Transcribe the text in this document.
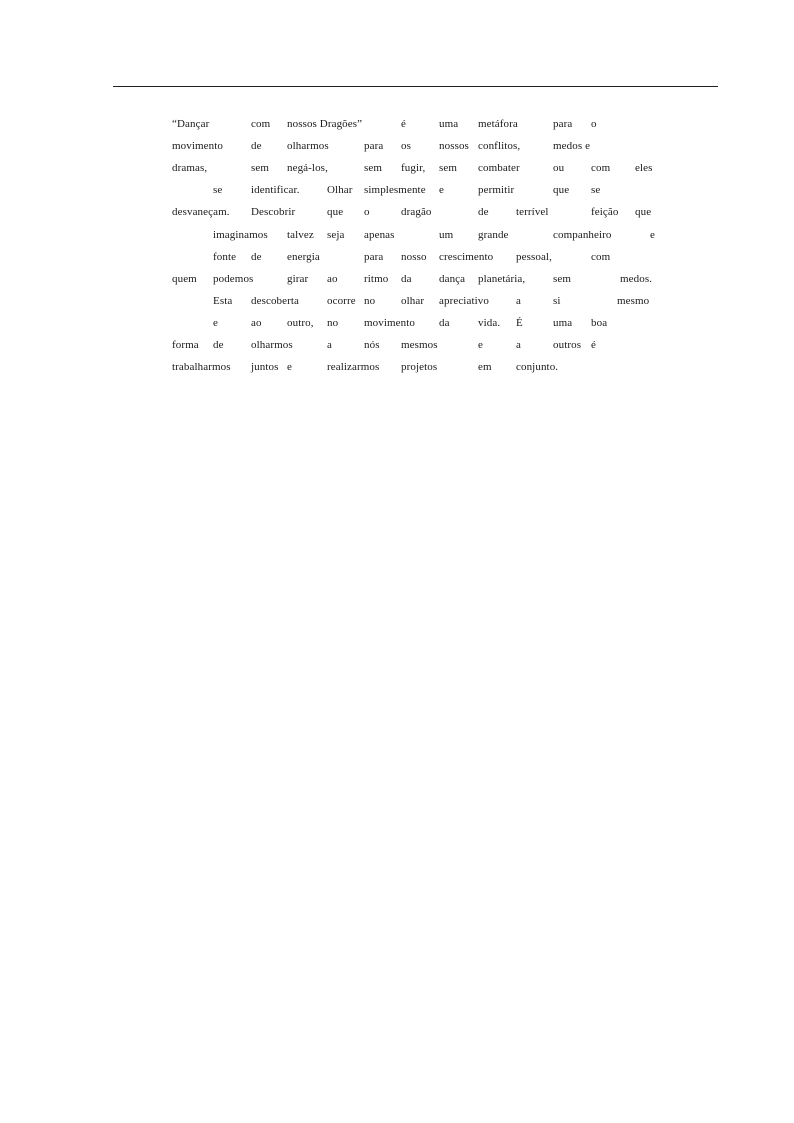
“Dançar	com nossos Dragões”	é	uma metáfora	para o
movimento	de olharmos	para os	nossos conflitos,	medos e
dramas,	sem negá-los,	sem fugir, sem combater	ou com eles
se	identificar. Olhar simplesmente e	permitir	que se
desvaneçam. Descobrir	que o	dragão	de terrível	feição que
imaginamos talvez seja apenas	um grande	companheiro	e
fonte de energia	para nosso crescimento pessoal,	com
quem podemos	girar ao ritmo da dança planetária,	sem	medos.
Esta descoberta	ocorre no olhar apreciativo a	si	mesmo
e	ao outro, no movimento da	vida. É	uma boa
forma de olharmos	a	nós mesmos	e	a	outros é
trabalharmos juntos e	realizarmos projetos	em conjunto.
